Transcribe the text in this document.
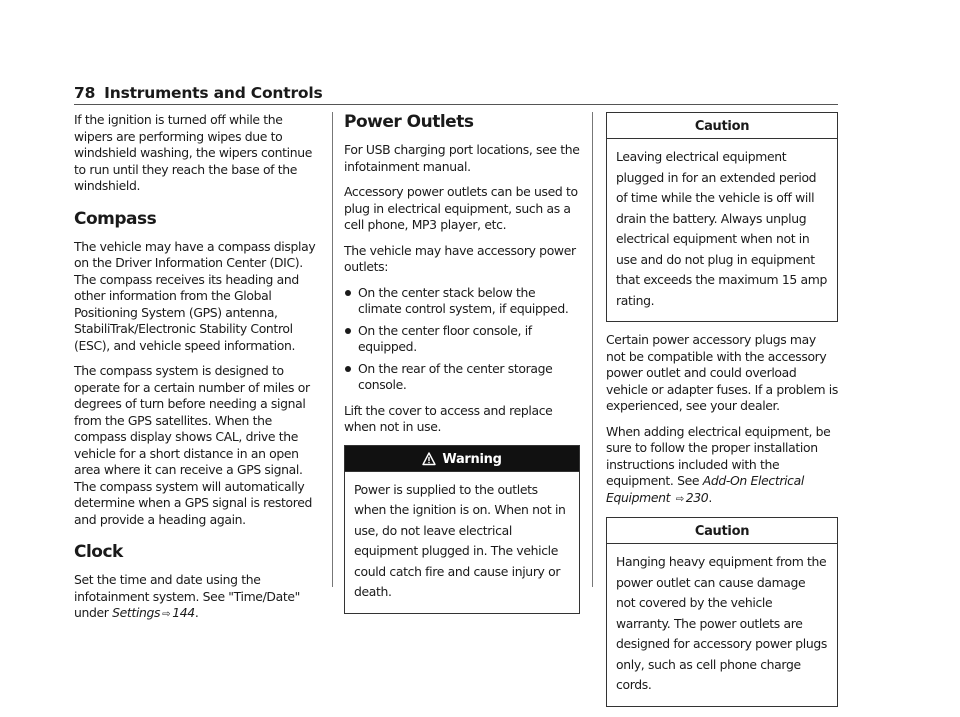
78 Instruments and Controls

If the ignition is turned off while the wipers are performing wipes due to windshield washing, the wipers continue to run until they reach the base of the windshield.

Compass

The vehicle may have a compass display on the Driver Information Center (DIC). The compass receives its heading and other information from the Global Positioning System (GPS) antenna, StabiliTrak/Electronic Stability Control (ESC), and vehicle speed information.

The compass system is designed to operate for a certain number of miles or degrees of turn before needing a signal from the GPS satellites. When the compass display shows CAL, drive the vehicle for a short distance in an open area where it can receive a GPS signal. The compass system will automatically determine when a GPS signal is restored and provide a heading again.

Clock

Set the time and date using the infotainment system. See "Time/Date" under Settings ⇨ 144.

Power Outlets

For USB charging port locations, see the infotainment manual.

Accessory power outlets can be used to plug in electrical equipment, such as a cell phone, MP3 player, etc.

The vehicle may have accessory power outlets:

On the center stack below the climate control system, if equipped.
On the center floor console, if equipped.
On the rear of the center storage console.

Lift the cover to access and replace when not in use.

Warning

Power is supplied to the outlets when the ignition is on. When not in use, do not leave electrical equipment plugged in. The vehicle could catch fire and cause injury or death.

Caution

Leaving electrical equipment plugged in for an extended period of time while the vehicle is off will drain the battery. Always unplug electrical equipment when not in use and do not plug in equipment that exceeds the maximum 15 amp rating.

Certain power accessory plugs may not be compatible with the accessory power outlet and could overload vehicle or adapter fuses. If a problem is experienced, see your dealer.

When adding electrical equipment, be sure to follow the proper installation instructions included with the equipment. See Add-On Electrical Equipment ⇨ 230.

Caution

Hanging heavy equipment from the power outlet can cause damage not covered by the vehicle warranty. The power outlets are designed for accessory power plugs only, such as cell phone charge cords.
